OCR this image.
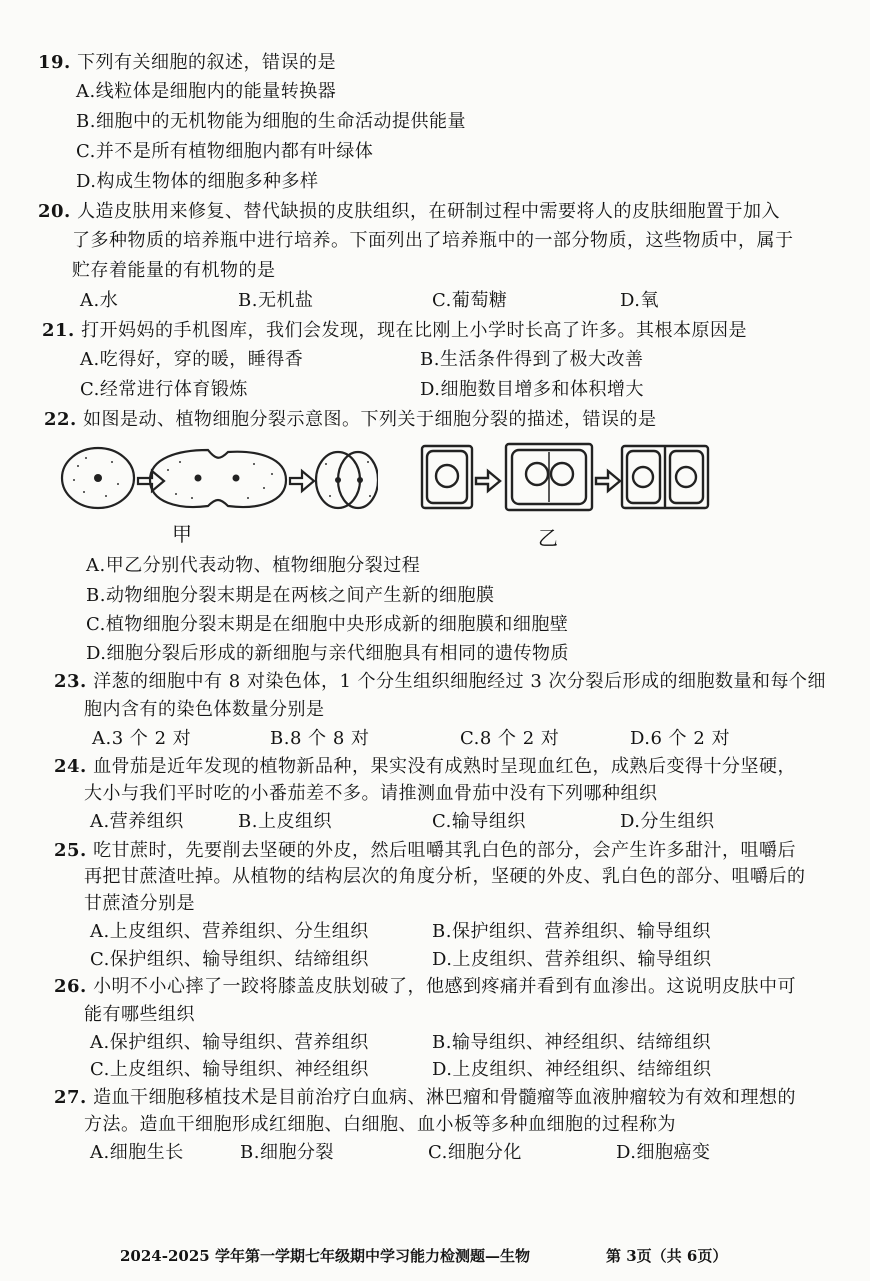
19. 下列有关细胞的叙述，错误的是
A.线粒体是细胞内的能量转换器
B.细胞中的无机物能为细胞的生命活动提供能量
C.并不是所有植物细胞内都有叶绿体
D.构成生物体的细胞多种多样
20. 人造皮肤用来修复、替代缺损的皮肤组织，在研制过程中需要将人的皮肤细胞置于加入
了多种物质的培养瓶中进行培养。下面列出了培养瓶中的一部分物质，这些物质中，属于
贮存着能量的有机物的是
A.水	B.无机盐	C.葡萄糖	D.氧
21. 打开妈妈的手机图库，我们会发现，现在比刚上小学时长高了许多。其根本原因是
A.吃得好，穿的暖，睡得香	B.生活条件得到了极大改善
C.经常进行体育锻炼	D.细胞数目增多和体积增大
22. 如图是动、植物细胞分裂示意图。下列关于细胞分裂的描述，错误的是
甲	乙
A.甲乙分别代表动物、植物细胞分裂过程
B.动物细胞分裂末期是在两核之间产生新的细胞膜
C.植物细胞分裂末期是在细胞中央形成新的细胞膜和细胞壁
D.细胞分裂后形成的新细胞与亲代细胞具有相同的遗传物质
23. 洋葱的细胞中有 8 对染色体，1 个分生组织细胞经过 3 次分裂后形成的细胞数量和每个细
胞内含有的染色体数量分别是
A.3 个 2 对	B.8 个 8 对	C.8 个 2 对	D.6 个 2 对
24. 血骨茄是近年发现的植物新品种，果实没有成熟时呈现血红色，成熟后变得十分坚硬，
大小与我们平时吃的小番茄差不多。请推测血骨茄中没有下列哪种组织
A.营养组织	B.上皮组织	C.输导组织	D.分生组织
25. 吃甘蔗时，先要削去坚硬的外皮，然后咀嚼其乳白色的部分，会产生许多甜汁，咀嚼后
再把甘蔗渣吐掉。从植物的结构层次的角度分析，坚硬的外皮、乳白色的部分、咀嚼后的
甘蔗渣分别是
A.上皮组织、营养组织、分生组织	B.保护组织、营养组织、输导组织
C.保护组织、输导组织、结缔组织	D.上皮组织、营养组织、输导组织
26. 小明不小心摔了一跤将膝盖皮肤划破了，他感到疼痛并看到有血渗出。这说明皮肤中可
能有哪些组织
A.保护组织、输导组织、营养组织	B.输导组织、神经组织、结缔组织
C.上皮组织、输导组织、神经组织	D.上皮组织、神经组织、结缔组织
27. 造血干细胞移植技术是目前治疗白血病、淋巴瘤和骨髓瘤等血液肿瘤较为有效和理想的
方法。造血干细胞形成红细胞、白细胞、血小板等多种血细胞的过程称为
A.细胞生长	B.细胞分裂	C.细胞分化	D.细胞癌变
2024-2025 学年第一学期七年级期中学习能力检测题—生物	第 3页（共 6页）
